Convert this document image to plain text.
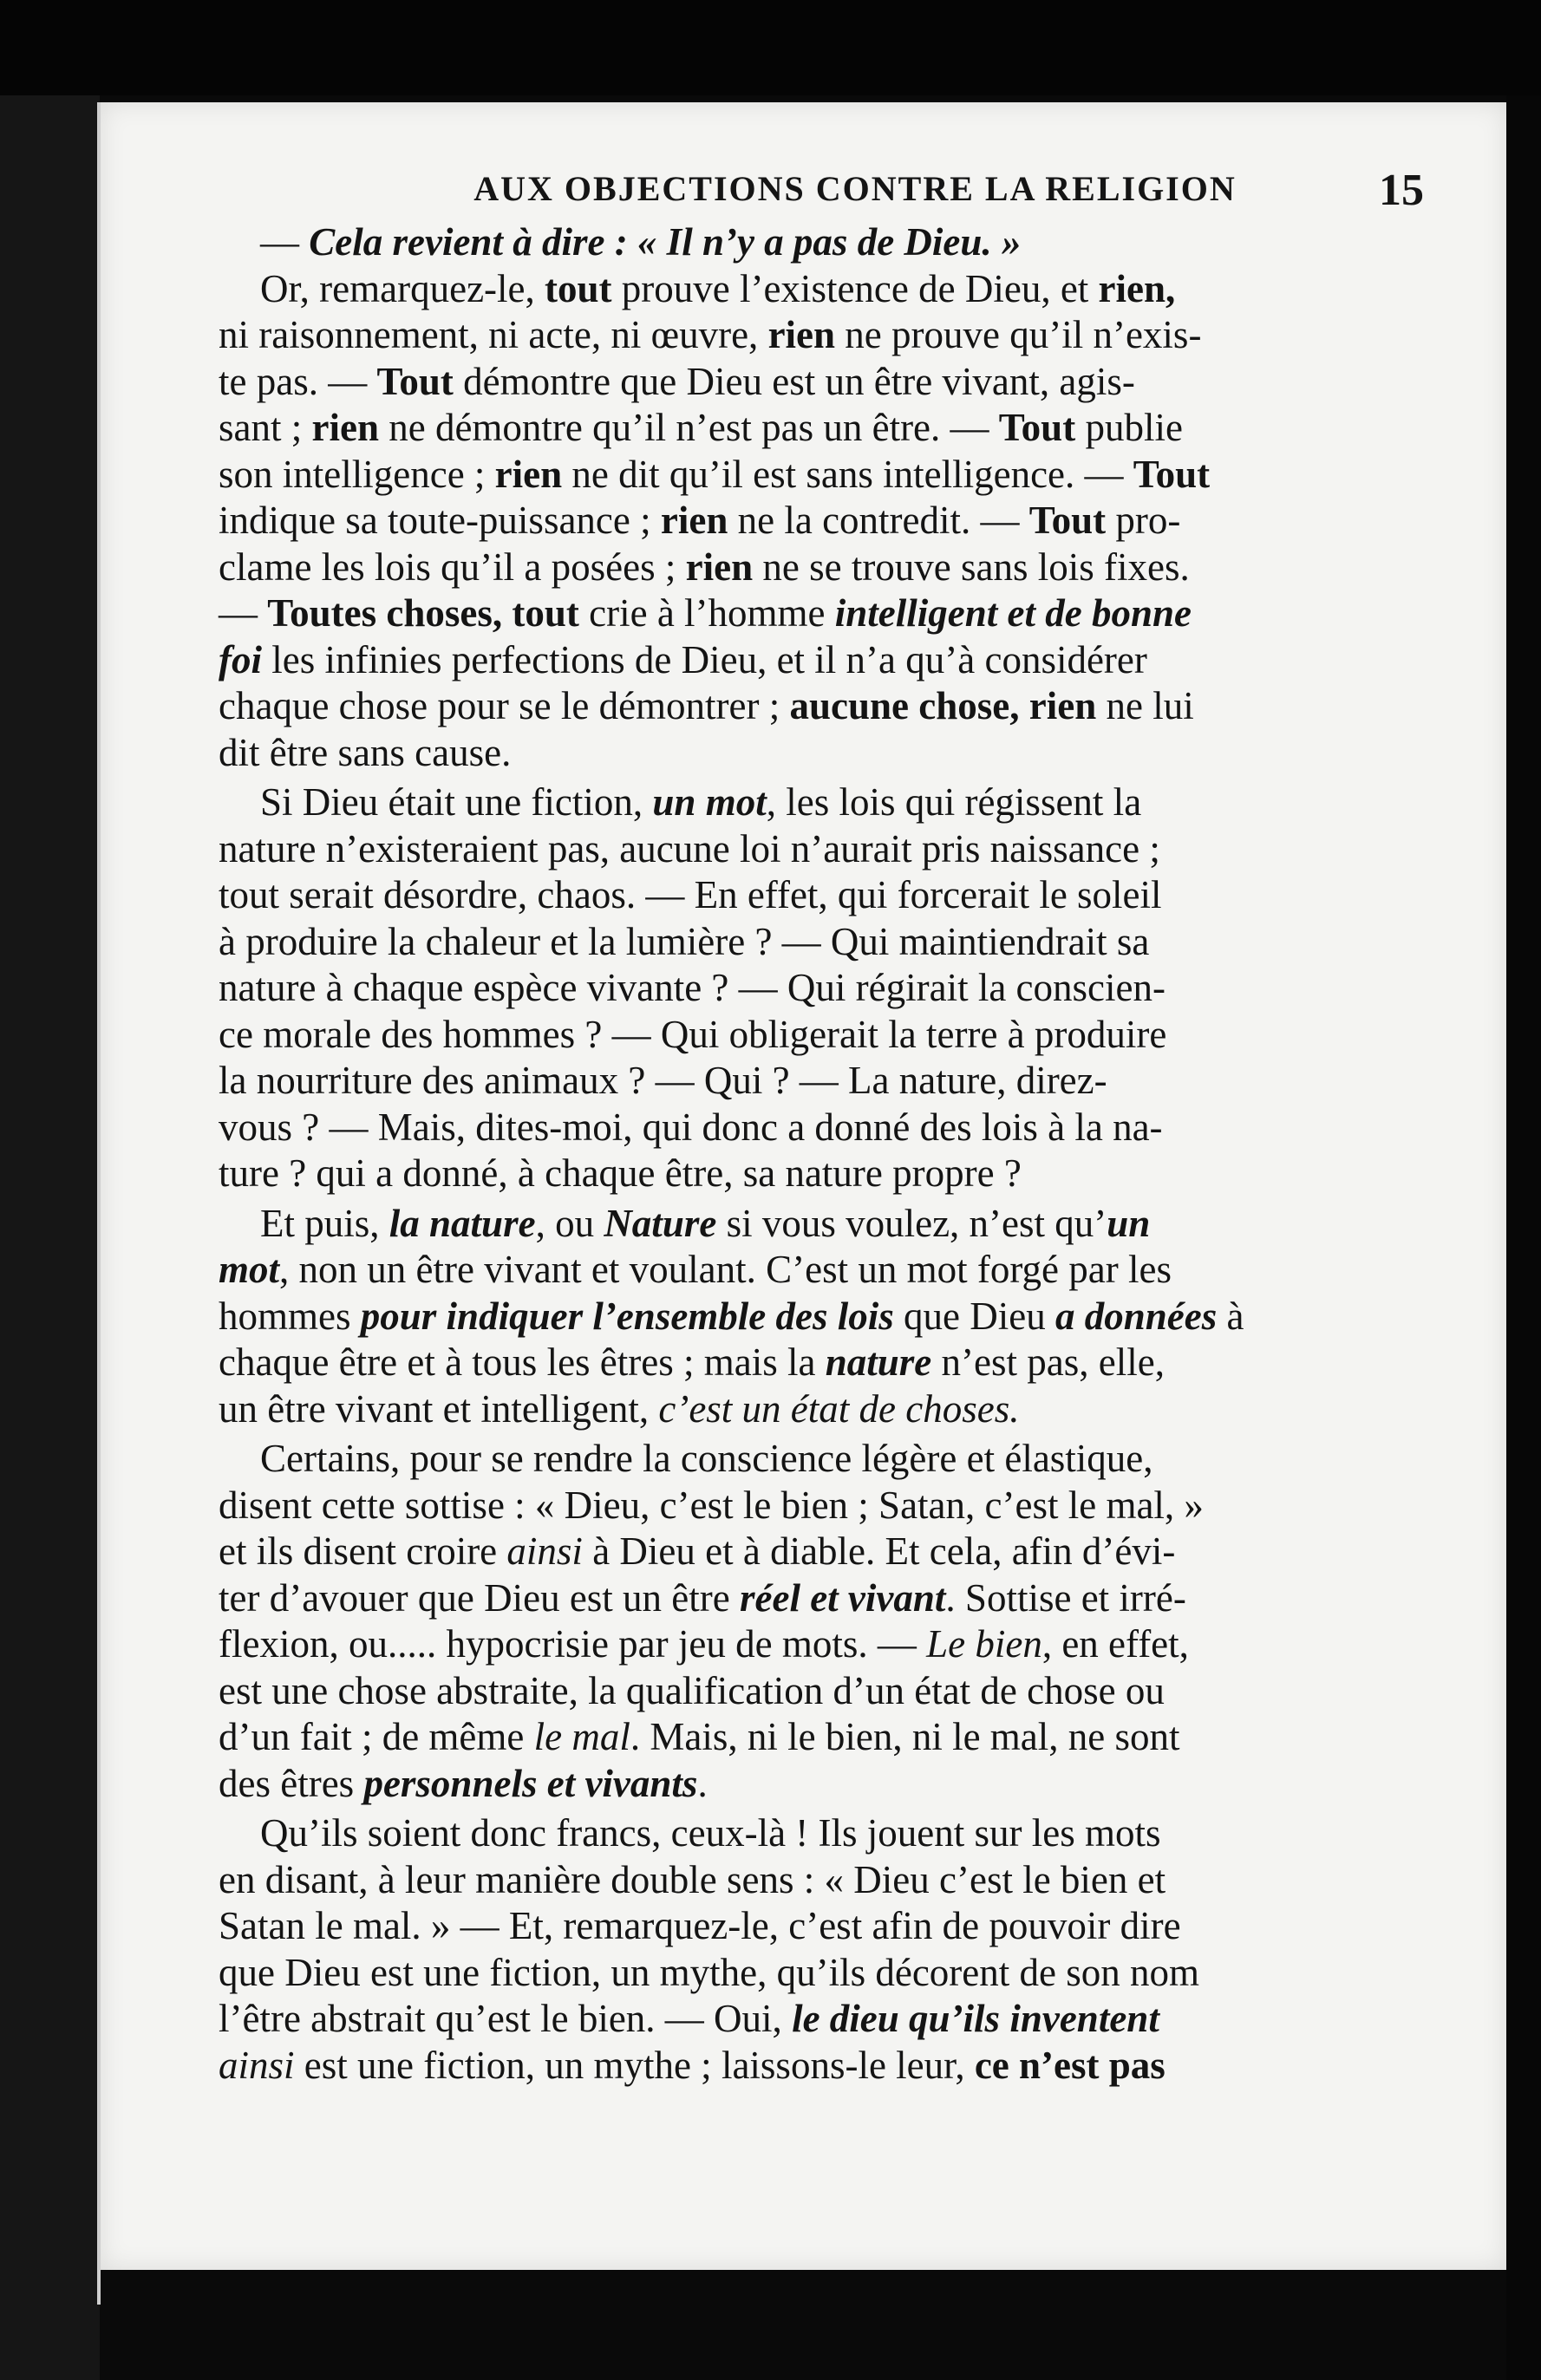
AUX OBJECTIONS CONTRE LA RELIGION	15
— Cela revient à dire : « Il n’y a pas de Dieu. »
Or, remarquez-le, tout prouve l’existence de Dieu, et rien,
ni raisonnement, ni acte, ni œuvre, rien ne prouve qu’il n’exis-
te pas. — Tout démontre que Dieu est un être vivant, agis-
sant ; rien ne démontre qu’il n’est pas un être. — Tout publie
son intelligence ; rien ne dit qu’il est sans intelligence. — Tout
indique sa toute-puissance ; rien ne la contredit. — Tout pro-
clame les lois qu’il a posées ; rien ne se trouve sans lois fixes.
— Toutes choses, tout crie à l’homme intelligent et de bonne
foi les infinies perfections de Dieu, et il n’a qu’à considérer
chaque chose pour se le démontrer ; aucune chose, rien ne lui
dit être sans cause.
Si Dieu était une fiction, un mot, les lois qui régissent la
nature n’existeraient pas, aucune loi n’aurait pris naissance ;
tout serait désordre, chaos. — En effet, qui forcerait le soleil
à produire la chaleur et la lumière ? — Qui maintiendrait sa
nature à chaque espèce vivante ? — Qui régirait la conscien-
ce morale des hommes ? — Qui obligerait la terre à produire
la nourriture des animaux ? — Qui ? — La nature, direz-
vous ? — Mais, dites-moi, qui donc a donné des lois à la na-
ture ? qui a donné, à chaque être, sa nature propre ?
Et puis, la nature, ou Nature si vous voulez, n’est qu’un
mot, non un être vivant et voulant. C’est un mot forgé par les
hommes pour indiquer l’ensemble des lois que Dieu a données à
chaque être et à tous les êtres ; mais la nature n’est pas, elle,
un être vivant et intelligent, c’est un état de choses.
Certains, pour se rendre la conscience légère et élastique,
disent cette sottise : « Dieu, c’est le bien ; Satan, c’est le mal, »
et ils disent croire ainsi à Dieu et à diable. Et cela, afin d’évi-
ter d’avouer que Dieu est un être réel et vivant. Sottise et irré-
flexion, ou..... hypocrisie par jeu de mots. — Le bien, en effet,
est une chose abstraite, la qualification d’un état de chose ou
d’un fait ; de même le mal. Mais, ni le bien, ni le mal, ne sont
des êtres personnels et vivants.
Qu’ils soient donc francs, ceux-là ! Ils jouent sur les mots
en disant, à leur manière double sens : « Dieu c’est le bien et
Satan le mal. » — Et, remarquez-le, c’est afin de pouvoir dire
que Dieu est une fiction, un mythe, qu’ils décorent de son nom
l’être abstrait qu’est le bien. — Oui, le dieu qu’ils inventent
ainsi est une fiction, un mythe ; laissons-le leur, ce n’est pas
